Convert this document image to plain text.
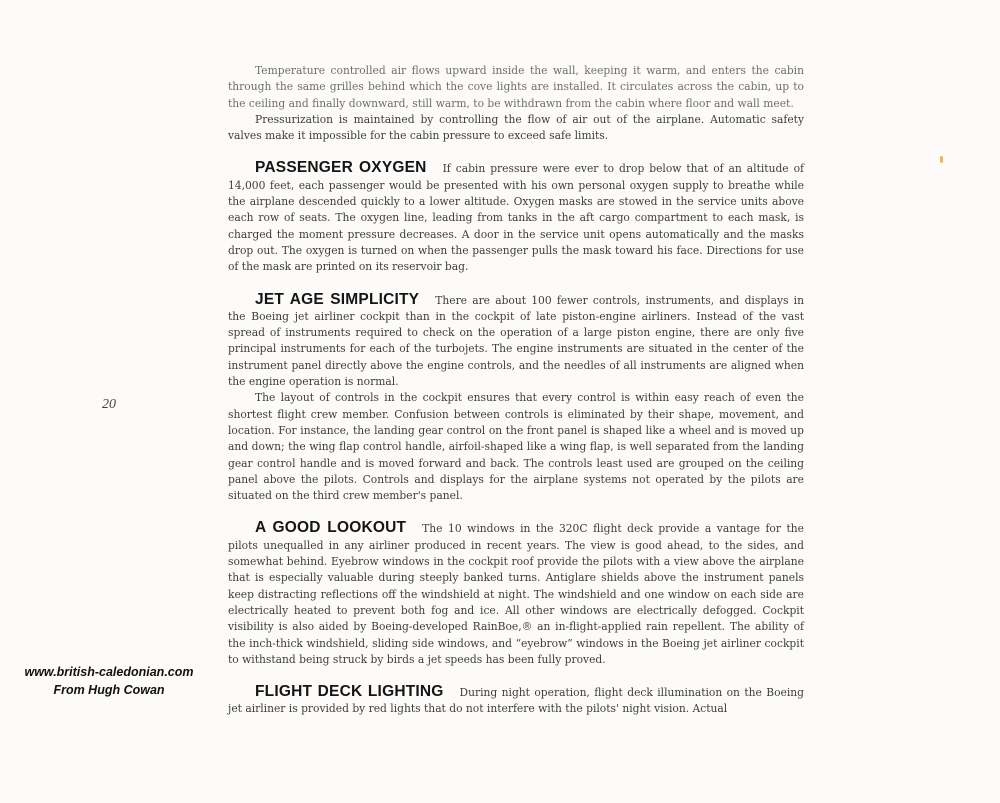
20
www.british-caledonian.com
From Hugh Cowan

Temperature controlled air flows upward inside the wall, keeping it warm, and enters the cabin through the same grilles behind which the cove lights are installed. It circulates across the cabin, up to the ceiling and finally downward, still warm, to be withdrawn from the cabin where floor and wall meet.

Pressurization is maintained by controlling the flow of air out of the airplane. Automatic safety valves make it impossible for the cabin pressure to exceed safe limits.

PASSENGER OXYGEN If cabin pressure were ever to drop below that of an altitude of 14,000 feet, each passenger would be presented with his own personal oxygen supply to breathe while the airplane descended quickly to a lower altitude. Oxygen masks are stowed in the service units above each row of seats. The oxygen line, leading from tanks in the aft cargo compartment to each mask, is charged the moment pressure decreases. A door in the service unit opens automatically and the masks drop out. The oxygen is turned on when the passenger pulls the mask toward his face. Directions for use of the mask are printed on its reservoir bag.

JET AGE SIMPLICITY There are about 100 fewer controls, instruments, and displays in the Boeing jet airliner cockpit than in the cockpit of late piston-engine airliners. Instead of the vast spread of instruments required to check on the operation of a large piston engine, there are only five principal instruments for each of the turbojets. The engine instruments are situated in the center of the instrument panel directly above the engine controls, and the needles of all instruments are aligned when the engine operation is normal.

The layout of controls in the cockpit ensures that every control is within easy reach of even the shortest flight crew member. Confusion between controls is eliminated by their shape, movement, and location. For instance, the landing gear control on the front panel is shaped like a wheel and is moved up and down; the wing flap control handle, airfoil-shaped like a wing flap, is well separated from the landing gear control handle and is moved forward and back. The controls least used are grouped on the ceiling panel above the pilots. Controls and displays for the airplane systems not operated by the pilots are situated on the third crew member's panel.

A GOOD LOOKOUT The 10 windows in the 320C flight deck provide a vantage for the pilots unequalled in any airliner produced in recent years. The view is good ahead, to the sides, and somewhat behind. Eyebrow windows in the cockpit roof provide the pilots with a view above the airplane that is especially valuable during steeply banked turns. Antiglare shields above the instrument panels keep distracting reflections off the windshield at night. The windshield and one window on each side are electrically heated to prevent both fog and ice. All other windows are electrically defogged. Cockpit visibility is also aided by Boeing-developed RainBoe,® an in-flight-applied rain repellent. The ability of the inch-thick windshield, sliding side windows, and “eyebrow” windows in the Boeing jet airliner cockpit to withstand being struck by birds a jet speeds has been fully proved.

FLIGHT DECK LIGHTING During night operation, flight deck illumination on the Boeing jet airliner is provided by red lights that do not interfere with the pilots' night vision. Actual
